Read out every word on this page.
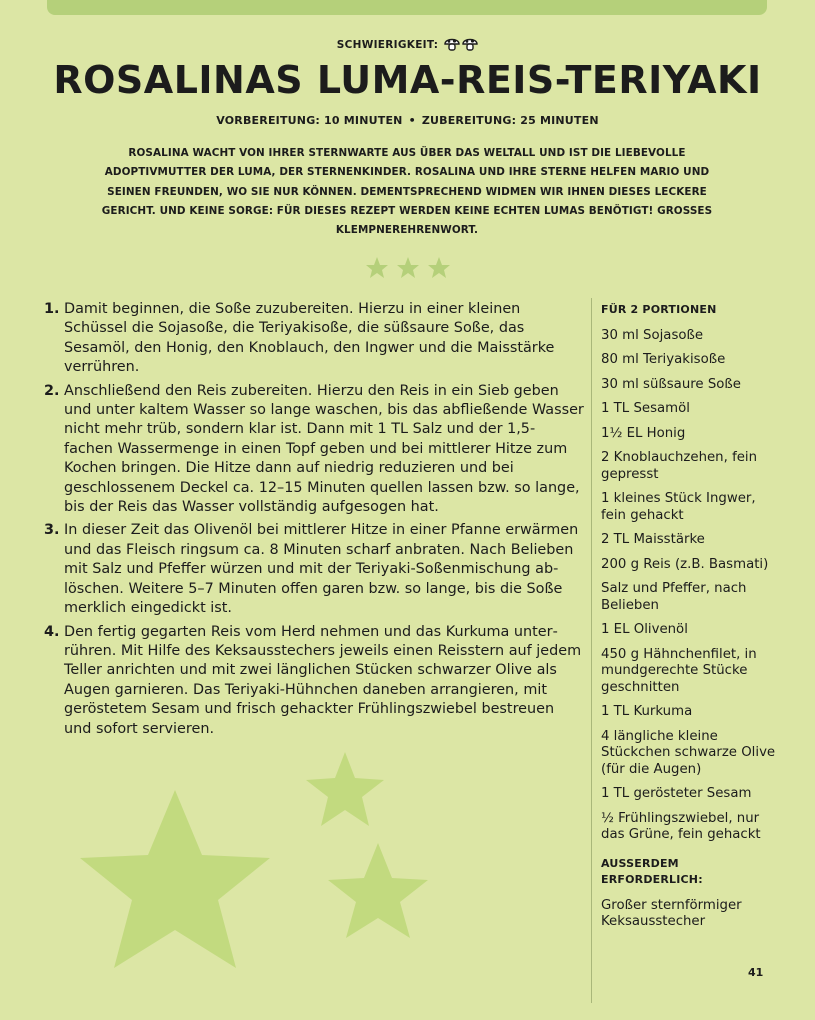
SCHWIERIGKEIT:
ROSALINAS LUMA-REIS-TERIYAKI
VORBEREITUNG: 10 MINUTEN • ZUBEREITUNG: 25 MINUTEN

ROSALINA WACHT VON IHRER STERNWARTE AUS ÜBER DAS WELTALL UND IST DIE LIEBEVOLLE ADOPTIVMUTTER DER LUMA, DER STERNENKINDER. ROSALINA UND IHRE STERNE HELFEN MARIO UND SEINEN FREUNDEN, WO SIE NUR KÖNNEN. DEMENTSPRECHEND WIDMEN WIR IHNEN DIESES LECKERE GERICHT. UND KEINE SORGE: FÜR DIESES REZEPT WERDEN KEINE ECHTEN LUMAS BENÖTIGT! GROSSES KLEMPNEREHRENWORT.

1. Damit beginnen, die Soße zuzubereiten. Hierzu in einer kleinen Schüssel die Sojasoße, die Teriyakisoße, die süßsaure Soße, das Sesamöl, den Honig, den Knoblauch, den Ingwer und die Maisstärke verrühren.
2. Anschließend den Reis zubereiten. Hierzu den Reis in ein Sieb geben und unter kaltem Wasser so lange waschen, bis das abfließende Wasser nicht mehr trüb, sondern klar ist. Dann mit 1 TL Salz und der 1,5-fachen Wassermenge in einen Topf geben und bei mittlerer Hitze zum Kochen bringen. Die Hitze dann auf niedrig reduzieren und bei geschlossenem Deckel ca. 12–15 Minuten quellen lassen bzw. so lange, bis der Reis das Wasser vollständig aufgesogen hat.
3. In dieser Zeit das Olivenöl bei mittlerer Hitze in einer Pfanne erwärmen und das Fleisch ringsum ca. 8 Minuten scharf anbraten. Nach Belieben mit Salz und Pfeffer würzen und mit der Teriyaki-Soßenmischung ablöschen. Weitere 5–7 Minuten offen garen bzw. so lange, bis die Soße merklich eingedickt ist.
4. Den fertig gegarten Reis vom Herd nehmen und das Kurkuma unterrühren. Mit Hilfe des Keksausstechers jeweils einen Reisstern auf jedem Teller anrichten und mit zwei länglichen Stücken schwarzer Olive als Augen garnieren. Das Teriyaki-Hühnchen daneben arrangieren, mit geröstetem Sesam und frisch gehackter Frühlingszwiebel bestreuen und sofort servieren.
FÜR 2 PORTIONEN
30 ml Sojasoße
80 ml Teriyakisoße
30 ml süßsaure Soße
1 TL Sesamöl
1½ EL Honig
2 Knoblauchzehen, fein gepresst
1 kleines Stück Ingwer, fein gehackt
2 TL Maisstärke
200 g Reis (z.B. Basmati)
Salz und Pfeffer, nach Belieben
1 EL Olivenöl
450 g Hähnchenfilet, in mundgerechte Stücke geschnitten
1 TL Kurkuma
4 längliche kleine Stückchen schwarze Olive (für die Augen)
1 TL gerösteter Sesam
½ Frühlingszwiebel, nur das Grüne, fein gehackt
AUSSERDEM ERFORDERLICH:
Großer sternförmiger Keksausstecher
41
